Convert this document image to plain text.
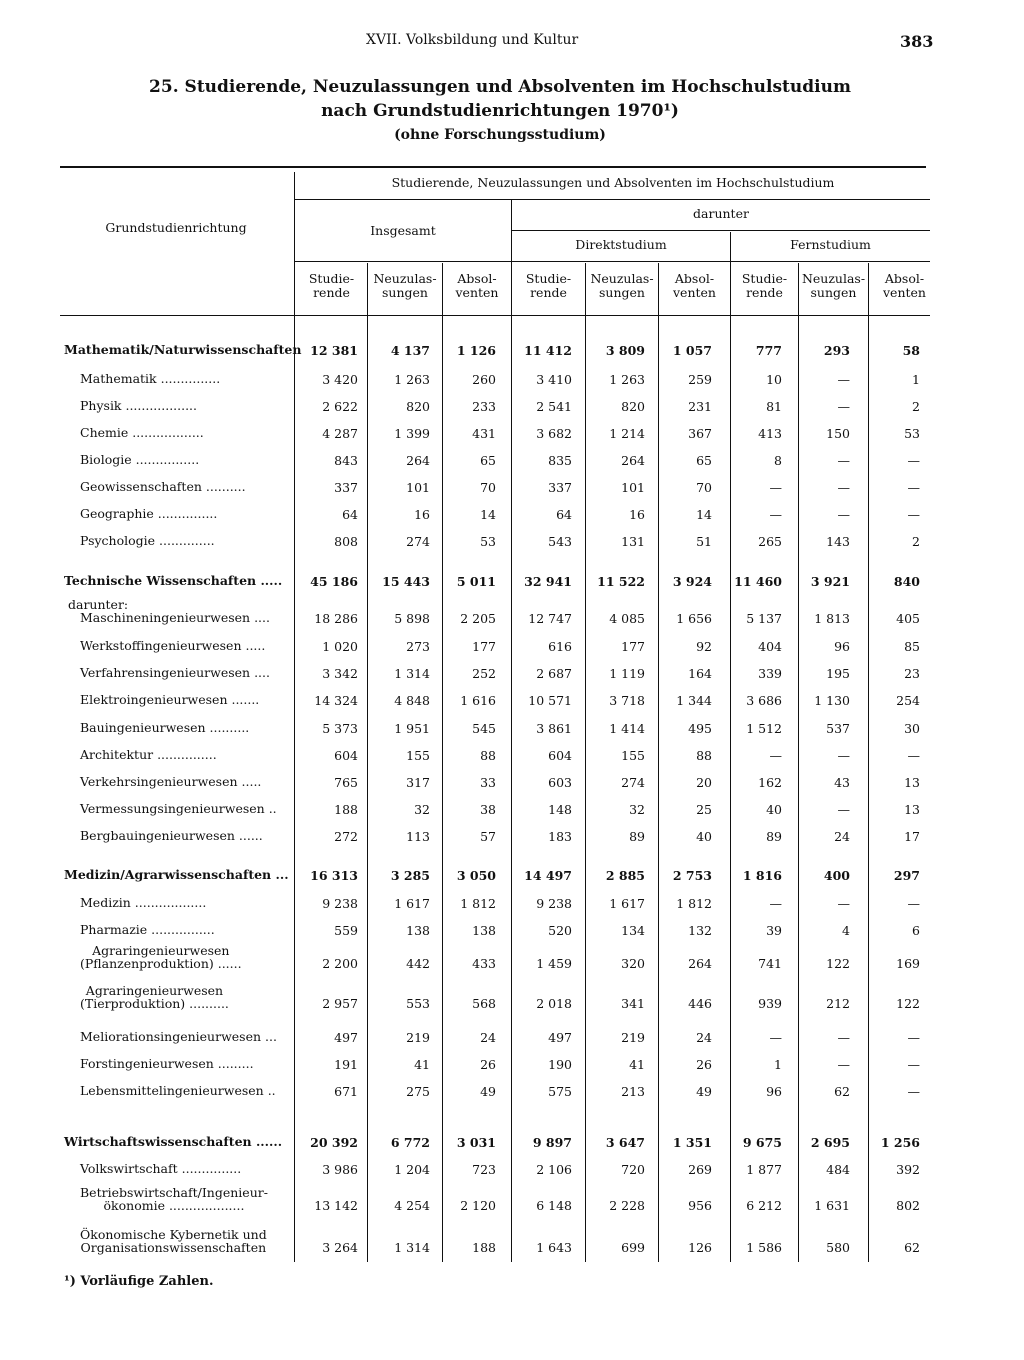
XVII. Volksbildung und Kultur	383
25. Studierende, Neuzulassungen und Absolventen im Hochschulstudium
nach Grundstudienrichtungen 1970¹)
(ohne Forschungsstudium)
Grundstudienrichtung
Studierende, Neuzulassungen und Absolventen im Hochschulstudium
Insgesamt
darunter
Direktstudium	Fernstudium
Studie-
rende
Neuzulas-
sungen
Absol-
venten
Studie-
rende
Neuzulas-
sungen
Absol-
venten
Studie-
rende
Neuzulas-
sungen
Absol-
venten
Mathematik/Naturwissenschaften 12 381	4 137	1 126	11 412	3 809	1 057	777	293	58
Mathematik ...............	3 420	1 263	260	3 410	1 263	259	10	—	1
Physik ..................	2 622	820	233	2 541	820	231	81	—	2
Chemie ..................	4 287	1 399	431	3 682	1 214	367	413	150	53
Biologie ................	843	264	65	835	264	65	8	—	—
Geowissenschaften ..........	337	101	70	337	101	70	—	—	—
Geographie ...............	64	16	14	64	16	14	—	—	—
Psychologie ..............	808	274	53	543	131	51	265	143	2
Technische Wissenschaften .....	45 186	15 443	5 011	32 941	11 522	3 924	11 460	3 921	840
darunter:
Maschineningenieurwesen ....	18 286	5 898	2 205	12 747	4 085	1 656	5 137	1 813	405
Werkstoffingenieurwesen .....	1 020	273	177	616	177	92	404	96	85
Verfahrensingenieurwesen ....	3 342	1 314	252	2 687	1 119	164	339	195	23
Elektroingenieurwesen .......	14 324	4 848	1 616	10 571	3 718	1 344	3 686	1 130	254
Bauingenieurwesen ..........	5 373	1 951	545	3 861	1 414	495	1 512	537	30
Architektur ...............	604	155	88	604	155	88	—	—	—
Verkehrsingenieurwesen .....	765	317	33	603	274	20	162	43	13
Vermessungsingenieurwesen ..	188	32	38	148	32	25	40	—	13
Bergbauingenieurwesen ......	272	113	57	183	89	40	89	24	17
Medizin/Agrarwissenschaften ...	16 313	3 285	3 050	14 497	2 885	2 753	1 816	400	297
Medizin ..................	9 238	1 617	1 812	9 238	1 617	1 812	—	—	—
Pharmazie ................	559	138	138	520	134	132	39	4	6
Agraringenieurwesen
(Pflanzenproduktion) ......	2 200	442	433	1 459	320	264	741	122	169
Agraringenieurwesen
(Tierproduktion) ..........	2 957	553	568	2 018	341	446	939	212	122
Meliorationsingenieurwesen ...	497	219	24	497	219	24	—	—	—
Forstingenieurwesen .........	191	41	26	190	41	26	1	—	—
Lebensmittelingenieurwesen ..	671	275	49	575	213	49	96	62	—
Wirtschaftswissenschaften ......	20 392	6 772	3 031	9 897	3 647	1 351	9 675	2 695	1 256
Volkswirtschaft ...............	3 986	1 204	723	2 106	720	269	1 877	484	392
Betriebswirtschaft/Ingenieur-
ökonomie ...................	13 142	4 254	2 120	6 148	2 228	956	6 212	1 631	802
Ökonomische Kybernetik und
Organisationswissenschaften	3 264	1 314	188	1 643	699	126	1 586	580	62
¹) Vorläufige Zahlen.
